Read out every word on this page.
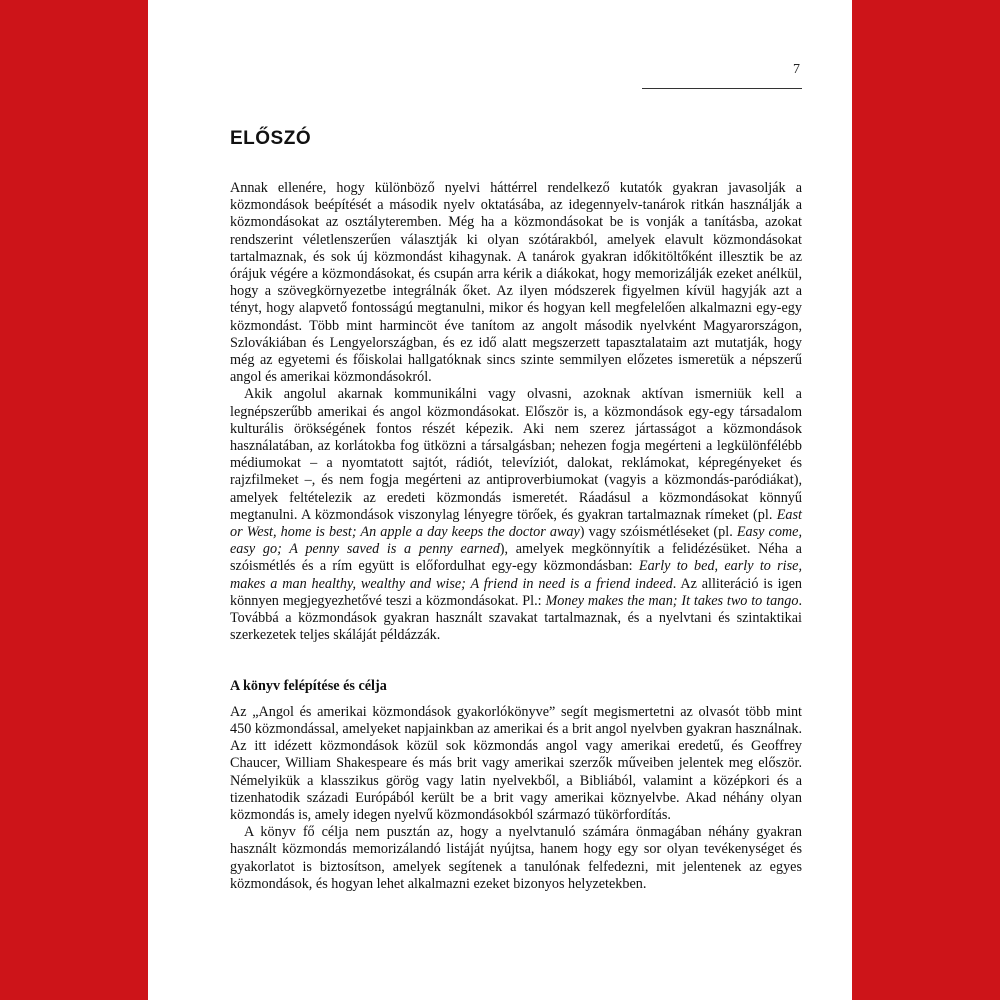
7
ELŐSZÓ

Annak ellenére, hogy különböző nyelvi háttérrel rendelkező kutatók gyakran javasolják a közmondások beépítését a második nyelv oktatásába, az idegennyelv-tanárok ritkán használják a közmondásokat az osztályteremben. Még ha a közmondásokat be is vonják a tanításba, azokat rendszerint véletlenszerűen választják ki olyan szótárakból, amelyek elavult közmondásokat tartalmaznak, és sok új közmondást kihagynak. A tanárok gyakran időkitöltőként illesztik be az órájuk végére a közmondásokat, és csupán arra kérik a diákokat, hogy memorizálják ezeket anélkül, hogy a szövegkörnyezetbe integrálnák őket. Az ilyen módszerek figyelmen kívül hagyják azt a tényt, hogy alapvető fontosságú megtanulni, mikor és hogyan kell megfelelően alkalmazni egy-egy közmondást. Több mint harmincöt éve tanítom az angolt második nyelvként Magyarországon, Szlovákiában és Lengyelországban, és ez idő alatt megszerzett tapasztalataim azt mutatják, hogy még az egyetemi és főiskolai hallgatóknak sincs szinte semmilyen előzetes ismeretük a népszerű angol és amerikai közmondásokról.

Akik angolul akarnak kommunikálni vagy olvasni, azoknak aktívan ismerniük kell a legnépszerűbb amerikai és angol közmondásokat. Először is, a közmondások egy-egy társadalom kulturális örökségének fontos részét képezik. Aki nem szerez jártasságot a közmondások használatában, az korlátokba fog ütközni a társalgásban; nehezen fogja megérteni a legkülönfélébb médiumokat – a nyomtatott sajtót, rádiót, televíziót, dalokat, reklámokat, képregényeket és rajzfilmeket –, és nem fogja megérteni az antiproverbiumokat (vagyis a közmondás-paródiákat), amelyek feltételezik az eredeti közmondás ismeretét. Ráadásul a közmondásokat könnyű megtanulni. A közmondások viszonylag lényegre törőek, és gyakran tartalmaznak rímeket (pl. East or West, home is best; An apple a day keeps the doctor away) vagy szóismétléseket (pl. Easy come, easy go; A penny saved is a penny earned), amelyek megkönnyítik a felidézésüket. Néha a szóismétlés és a rím együtt is előfordulhat egy-egy közmondásban: Early to bed, early to rise, makes a man healthy, wealthy and wise; A friend in need is a friend indeed. Az alliteráció is igen könnyen megjegyezhetővé teszi a közmondásokat. Pl.: Money makes the man; It takes two to tango. Továbbá a közmondások gyakran használt szavakat tartalmaznak, és a nyelvtani és szintaktikai szerkezetek teljes skáláját példázzák.

A könyv felépítése és célja

Az „Angol és amerikai közmondások gyakorlókönyve” segít megismertetni az olvasót több mint 450 közmondással, amelyeket napjainkban az amerikai és a brit angol nyelvben gyakran használnak. Az itt idézett közmondások közül sok közmondás angol vagy amerikai eredetű, és Geoffrey Chaucer, William Shakespeare és más brit vagy amerikai szerzők műveiben jelentek meg először. Némelyikük a klasszikus görög vagy latin nyelvekből, a Bibliából, valamint a középkori és a tizenhatodik századi Európából került be a brit vagy amerikai köznyelvbe. Akad néhány olyan közmondás is, amely idegen nyelvű közmondásokból származó tükörfordítás.

A könyv fő célja nem pusztán az, hogy a nyelvtanuló számára önmagában néhány gyakran használt közmondás memorizálandó listáját nyújtsa, hanem hogy egy sor olyan tevékenységet és gyakorlatot is biztosítson, amelyek segítenek a tanulónak felfedezni, mit jelentenek az egyes közmondások, és hogyan lehet alkalmazni ezeket bizonyos helyzetekben.
